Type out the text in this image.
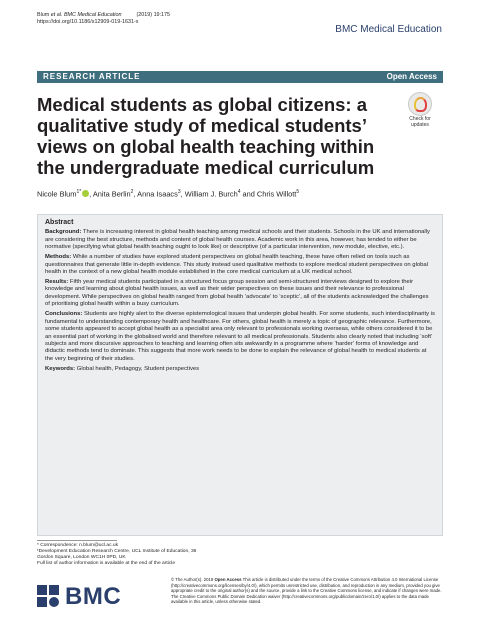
Blum et al. BMC Medical Education	(2019) 19:175
https://doi.org/10.1186/s12909-019-1631-x
BMC Medical Education
RESEARCH ARTICLE	Open Access
Medical students as global citizens: a qualitative study of medical students’ views on global health teaching within the undergraduate medical curriculum
Check for
updates
Nicole Blum$^{1*}$ , Anita Berlin$^2$, Anna Isaacs$^3$, William J. Burch$^4$ and Chris Willott$^5$
Abstract

Background: There is increasing interest in global health teaching among medical schools and their students. Schools in the UK and internationally are considering the best structure, methods and content of global health courses. Academic work in this area, however, has tended to either be normative (specifying what global health teaching ought to look like) or descriptive (of a particular intervention, new module, elective, etc.).

Methods: While a number of studies have explored student perspectives on global health teaching, these have often relied on tools such as questionnaires that generate little in-depth evidence. This study instead used qualitative methods to explore medical student perspectives on global health in the context of a new global health module established in the core medical curriculum at a UK medical school.

Results: Fifth year medical students participated in a structured focus group session and semi-structured interviews designed to explore their knowledge and learning about global health issues, as well as their wider perspectives on these issues and their relevance to professional development. While perspectives on global health ranged from global health ‘advocate’ to ‘sceptic’, all of the students acknowledged the challenges of prioritising global health within a busy curriculum.

Conclusions: Students are highly alert to the diverse epistemological issues that underpin global health. For some students, such interdisciplinarity is fundamental to understanding contemporary health and healthcare. For others, global health is merely a topic of geographic relevance. Furthermore, some students appeared to accept global health as a specialist area only relevant to professionals working overseas, while others considered it to be an essential part of working in the globalised world and therefore relevant to all medical professionals. Students also clearly noted that including ‘soft’ subjects and more discursive approaches to teaching and learning often sits awkwardly in a programme where ‘harder’ forms of knowledge and didactic methods tend to dominate. This suggests that more work needs to be done to explain the relevance of global health to medical students at the very beginning of their studies.

Keywords: Global health, Pedagogy, Student perspectives

* Correspondence: n.blum@ucl.ac.uk
¹Development Education Research Centre, UCL Institute of Education, 36
Gordon Square, London WC1H 0PD, UK
Full list of author information is available at the end of the article
BMC
© The Author(s). 2019 Open Access This article is distributed under the terms of the Creative Commons Attribution 4.0 International License (http://creativecommons.org/licenses/by/4.0/), which permits unrestricted use, distribution, and reproduction in any medium, provided you give appropriate credit to the original author(s) and the source, provide a link to the Creative Commons license, and indicate if changes were made. The Creative Commons Public Domain Dedication waiver (http://creativecommons.org/publicdomain/zero/1.0/) applies to the data made available in this article, unless otherwise stated.
